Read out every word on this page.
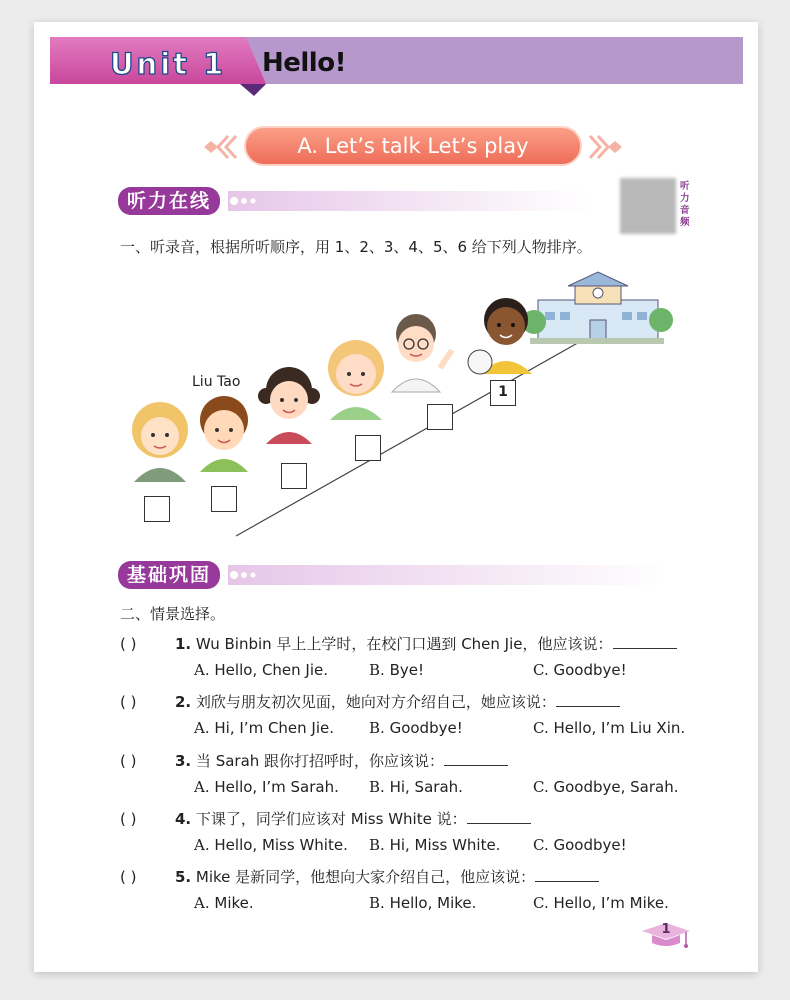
Unit 1 Hello!
A. Let’s talk Let’s play
听力在线
听力音频
一、听录音，根据所听顺序，用 1、2、3、4、5、6 给下列人物排序。
Liu Tao
1
基础巩固
二、情景选择。
( )	1. Wu Binbin 早上上学时，在校门口遇到 Chen Jie，他应该说：
A. Hello, Chen Jie.	B. Bye!	C. Goodbye!
( )	2. 刘欣与朋友初次见面，她向对方介绍自己，她应该说：
A. Hi, I’m Chen Jie. B. Goodbye!	C. Hello, I’m Liu Xin.
( )	3. 当 Sarah 跟你打招呼时，你应该说：
A. Hello, I’m Sarah. B. Hi, Sarah.	C. Goodbye, Sarah.
( )	4. 下课了，同学们应该对 Miss White 说：
A. Hello, Miss White. B. Hi, Miss White. C. Goodbye!
( )	5. Mike 是新同学，他想向大家介绍自己，他应该说：
A. Mike.	B. Hello, Mike.	C. Hello, I’m Mike.
1
